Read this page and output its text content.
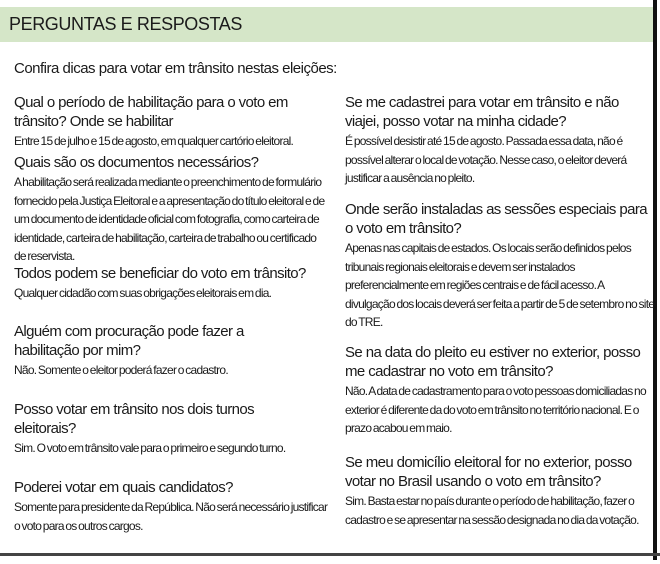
PERGUNTAS E RESPOSTAS
Confira dicas para votar em trânsito nestas eleições:
Qual o período de habilitação para o voto em trânsito? Onde se habilitar
Entre 15 de julho e 15 de agosto, em qualquer cartório eleitoral.
Quais são os documentos necessários?
A habilitação será realizada mediante o preenchimento de formulário fornecido pela Justiça Eleitoral e a apresentação do título eleitoral e de um documento de identidade oficial com fotografia, como carteira de identidade, carteira de habilitação, carteira de trabalho ou certificado de reservista.
Todos podem se beneficiar do voto em trânsito?
Qualquer cidadão com suas obrigações eleitorais em dia.
Alguém com procuração pode fazer a habilitação por mim?
Não. Somente o eleitor poderá fazer o cadastro.
Posso votar em trânsito nos dois turnos eleitorais?
Sim. O voto em trânsito vale para o primeiro e segundo turno.
Poderei votar em quais candidatos?
Somente para presidente da República. Não será necessário justificar o voto para os outros cargos.
Se me cadastrei para votar em trânsito e não viajei, posso votar na minha cidade?
É possível desistir até 15 de agosto. Passada essa data, não é possível alterar o local de votação. Nesse caso, o eleitor deverá justificar a ausência no pleito.
Onde serão instaladas as sessões especiais para o voto em trânsito?
Apenas nas capitais de estados. Os locais serão definidos pelos tribunais regionais eleitorais e devem ser instalados preferencialmente em regiões centrais e de fácil acesso. A divulgação dos locais deverá ser feita a partir de 5 de setembro no site do TRE.
Se na data do pleito eu estiver no exterior, posso me cadastrar no voto em trânsito?
Não. A data de cadastramento para o voto pessoas domiciliadas no exterior é diferente da do voto em trânsito no território nacional. E o prazo acabou em maio.
Se meu domicílio eleitoral for no exterior, posso votar no Brasil usando o voto em trânsito?
Sim. Basta estar no país durante o período de habilitação, fazer o cadastro e se apresentar na sessão designada no dia da votação.
